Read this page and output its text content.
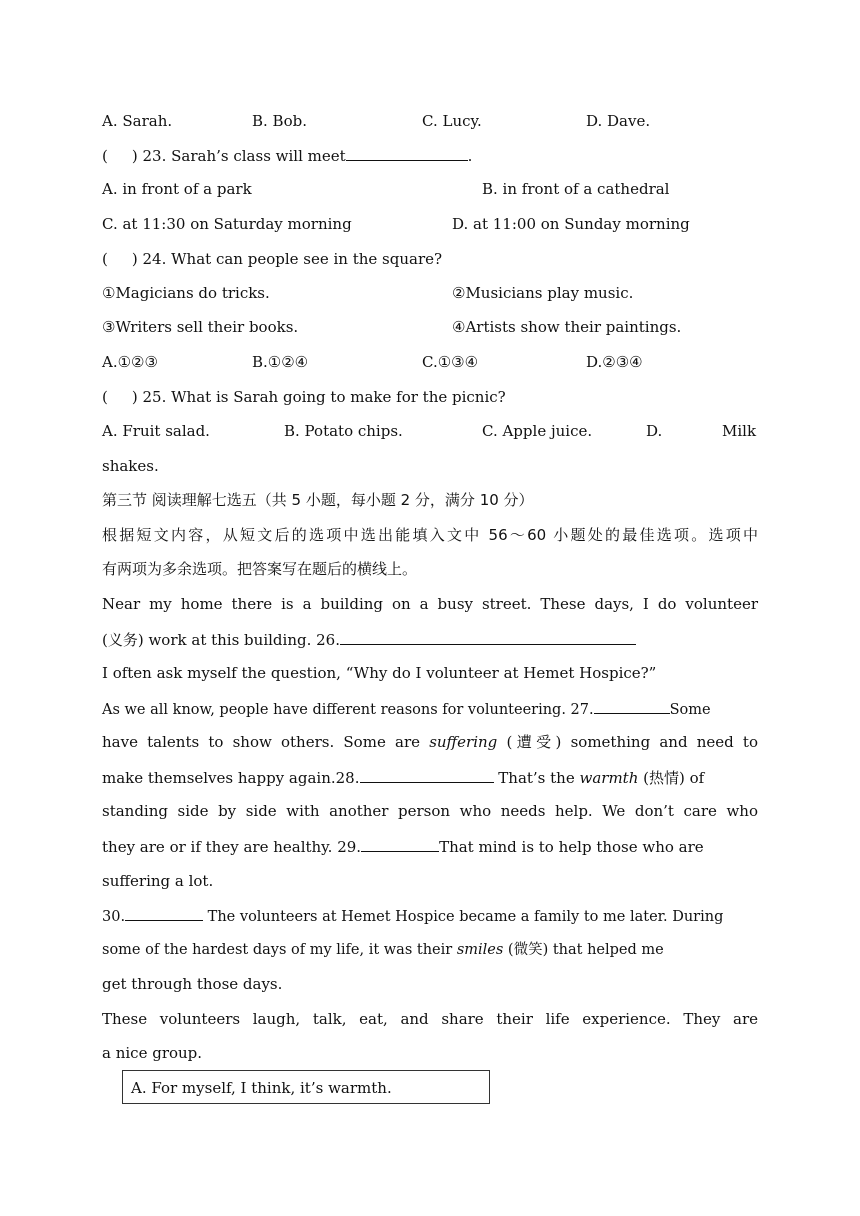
A. Sarah.	B. Bob.	C. Lucy.	D. Dave.
( ) 23. Sarah’s class will meet	.
A. in front of a park	B. in front of a cathedral
C. at 11:30 on Saturday morning	D. at 11:00 on Sunday morning
( ) 24. What can people see in the square?
①Magicians do tricks.	②Musicians play music.
③Writers sell their books.	④Artists show their paintings.
A.①②③	B.①②④	C.①③④	D.②③④
( ) 25. What is Sarah going to make for the picnic?
A. Fruit salad.	B. Potato chips.	C. Apple juice.	D.	Milk
shakes.
第三节 阅读理解七选五（共 5 小题，每小题 2 分，满分 10 分）
根据短文内容，从短文后的选项中选出能填入文中 56～60 小题处的最佳选项。选项中
有两项为多余选项。把答案写在题后的横线上。
Near my home there is a building on a busy street. These days, I do volunteer
(义务) work at this building. 26.
I often ask myself the question, “Why do I volunteer at Hemet Hospice?”
As we all know, people have different reasons for volunteering. 27.	Some
have talents to show others. Some are suffering (遭受) something and need to
make themselves happy again.28.	That’s the warmth (热情) of
standing side by side with another person who needs help. We don’t care who
they are or if they are healthy. 29.	That mind is to help those who are
suffering a lot.
30.	The volunteers at Hemet Hospice became a family to me later. During
some of the hardest days of my life, it was their smiles (微笑) that helped me
get through those days.
These volunteers laugh, talk, eat, and share their life experience. They are
a nice group.
A. For myself, I think, it’s warmth.
